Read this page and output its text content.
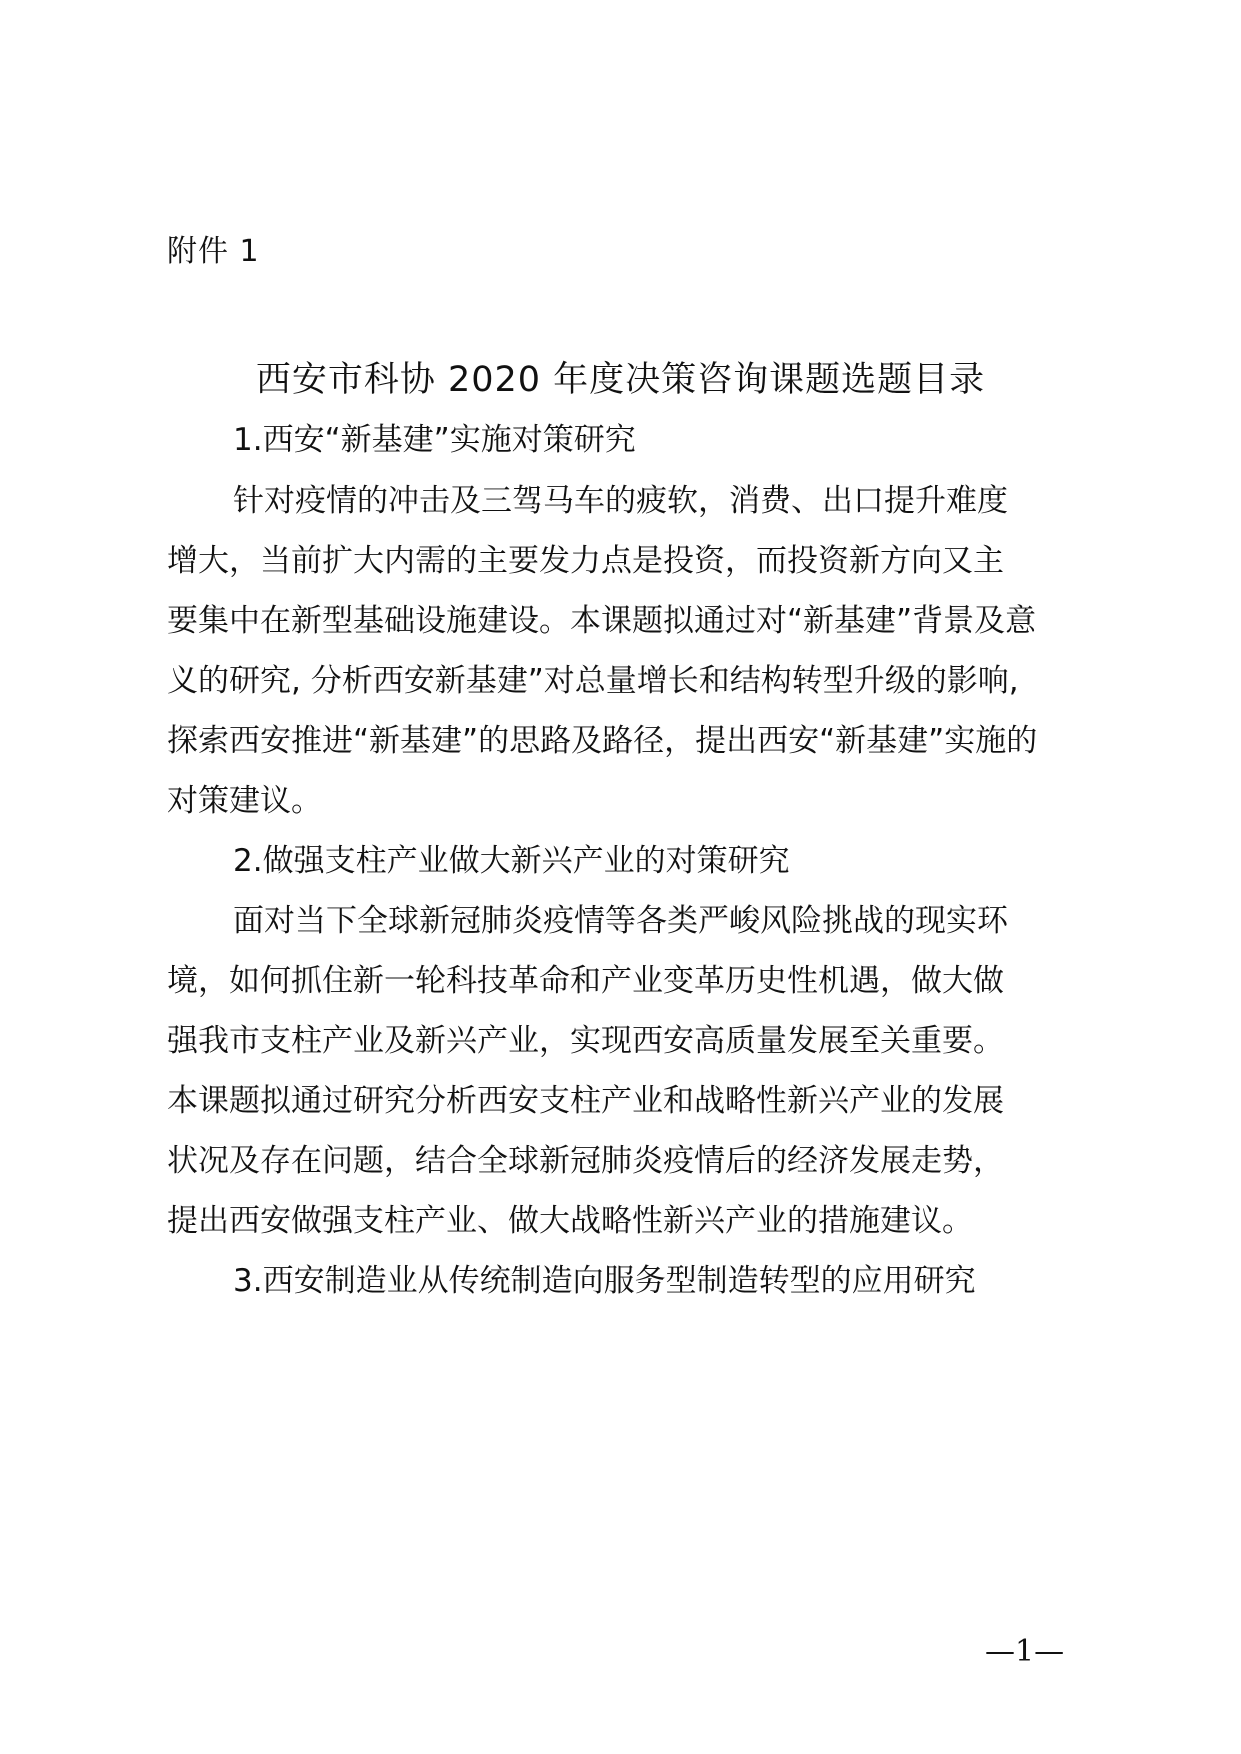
附件 1
西安市科协 2020 年度决策咨询课题选题目录
1.西安“新基建”实施对策研究
针对疫情的冲击及三驾马车的疲软，消费、出口提升难度
增大，当前扩大内需的主要发力点是投资，而投资新方向又主
要集中在新型基础设施建设。本课题拟通过对“新基建”背景及意
义的研究, 分析西安新基建”对总量增长和结构转型升级的影响,
探索西安推进“新基建”的思路及路径，提出西安“新基建”实施的
对策建议。
2.做强支柱产业做大新兴产业的对策研究
面对当下全球新冠肺炎疫情等各类严峻风险挑战的现实环
境，如何抓住新一轮科技革命和产业变革历史性机遇，做大做
强我市支柱产业及新兴产业，实现西安高质量发展至关重要。
本课题拟通过研究分析西安支柱产业和战略性新兴产业的发展
状况及存在问题，结合全球新冠肺炎疫情后的经济发展走势，
提出西安做强支柱产业、做大战略性新兴产业的措施建议。
3.西安制造业从传统制造向服务型制造转型的应用研究
—1—
